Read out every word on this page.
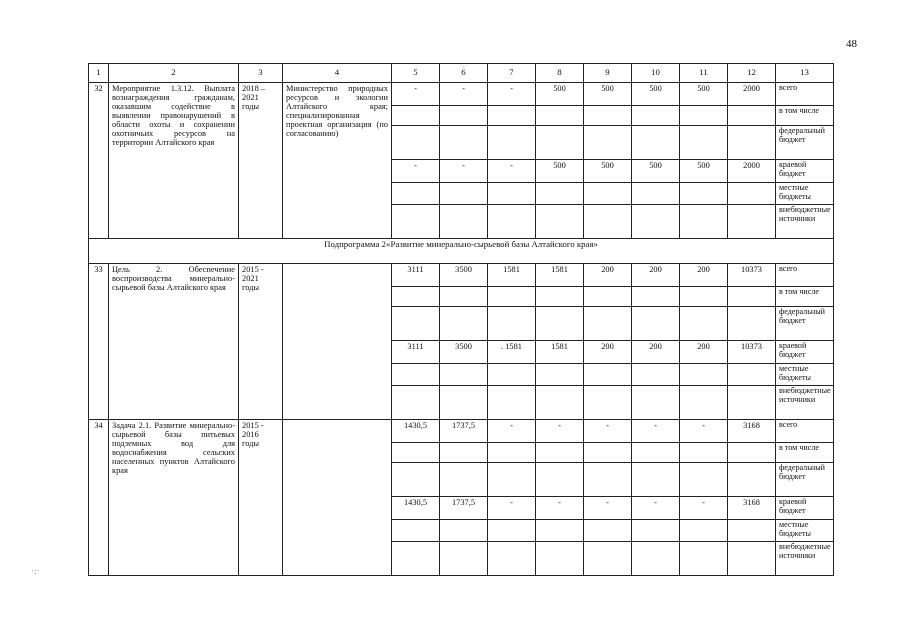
48
1	2	3	4	5	6	7	8	9	10	11	12	13
32	Мероприятие 1.3.12. Выплата вознаграждения гражданам, оказавшим содействие в выявлении правонарушений в области охоты и сохранении охотничьих ресурсов на территории Алтайского края	2018 –
2021
годы	Министерство природных ресурсов и экологии Алтайского края; специализированная проектная организация (по согласованию)	-	-	-	500	500	500	500	2000	всего
												в том числе
												федеральный бюджет
				-	-	-	500	500	500	500	2000	краевой бюджет
												местные бюджеты
												внебюджетные источники
Подпрограмма 2«Развитие минерально-сырьевой базы Алтайского края»												
33	Цель 2. Обеспечение воспроизводства минерально-сырьевой базы Алтайского края	2015 -
2021
годы		3111	3500	1581	1581	200	200	200	10373	всего
												в том числе
												федеральный бюджет
				3111	3500	. 1581	1581	200	200	200	10373	краевой бюджет
												местные бюджеты
												внебюджетные источники
34	Задача 2.1. Развитие минерально-сырьевой базы питьевых подземных вод для водоснабжения сельских населенных пунктов Алтайского края	2015 -
2016
годы		1430,5	1737,5	-	-	-	-	-	3168	всего
												в том числе
												федеральный бюджет
				1430,5	1737,5	-	-	-	-	-	3168	краевой бюджет
												местные бюджеты
												внебюджетные источники
·:·
